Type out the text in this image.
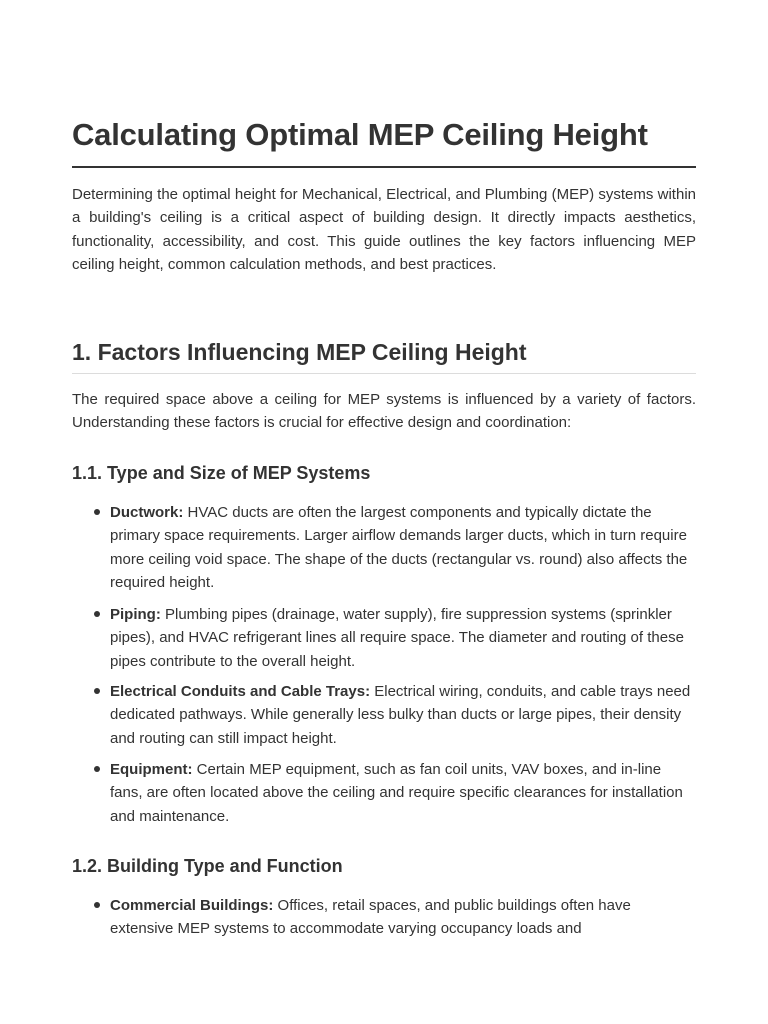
Calculating Optimal MEP Ceiling Height

Determining the optimal height for Mechanical, Electrical, and Plumbing (MEP) systems within a building's ceiling is a critical aspect of building design. It directly impacts aesthetics, functionality, accessibility, and cost. This guide outlines the key factors influencing MEP ceiling height, common calculation methods, and best practices.

1. Factors Influencing MEP Ceiling Height

The required space above a ceiling for MEP systems is influenced by a variety of factors. Understanding these factors is crucial for effective design and coordination:

1.1. Type and Size of MEP Systems
Ductwork: HVAC ducts are often the largest components and typically dictate the primary space requirements. Larger airflow demands larger ducts, which in turn require more ceiling void space. The shape of the ducts (rectangular vs. round) also affects the required height.
Piping: Plumbing pipes (drainage, water supply), fire suppression systems (sprinkler pipes), and HVAC refrigerant lines all require space. The diameter and routing of these pipes contribute to the overall height.
Electrical Conduits and Cable Trays: Electrical wiring, conduits, and cable trays need dedicated pathways. While generally less bulky than ducts or large pipes, their density and routing can still impact height.
Equipment: Certain MEP equipment, such as fan coil units, VAV boxes, and in-line fans, are often located above the ceiling and require specific clearances for installation and maintenance.
1.2. Building Type and Function
Commercial Buildings: Offices, retail spaces, and public buildings often have extensive MEP systems to accommodate varying occupancy loads and
